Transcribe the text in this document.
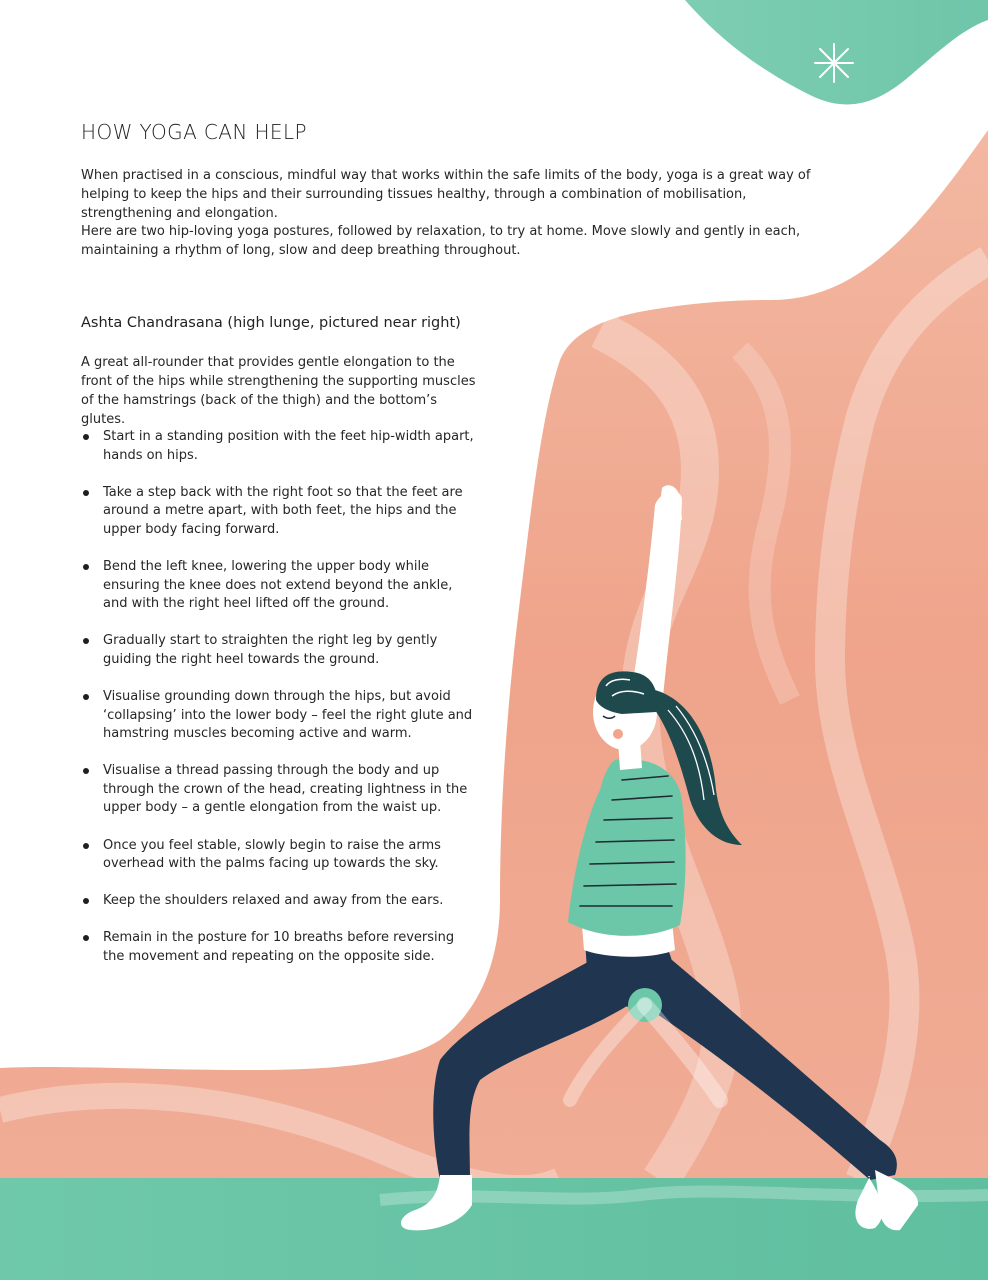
HOW YOGA CAN HELP

When practised in a conscious, mindful way that works within the safe limits of the body, yoga is a great way of helping to keep the hips and their surrounding tissues healthy, through a combination of mobilisation, strengthening and elongation.

Here are two hip-loving yoga postures, followed by relaxation, to try at home. Move slowly and gently in each, maintaining a rhythm of long, slow and deep breathing throughout.

Ashta Chandrasana (high lunge, pictured near right)

A great all-rounder that provides gentle elongation to the front of the hips while strengthening the supporting muscles of the hamstrings (back of the thigh) and the bottom’s glutes.

Start in a standing position with the feet hip-width apart, hands on hips.
Take a step back with the right foot so that the feet are around a metre apart, with both feet, the hips and the upper body facing forward.
Bend the left knee, lowering the upper body while ensuring the knee does not extend beyond the ankle, and with the right heel lifted off the ground.
Gradually start to straighten the right leg by gently guiding the right heel towards the ground.
Visualise grounding down through the hips, but avoid ‘collapsing’ into the lower body – feel the right glute and hamstring muscles becoming active and warm.
Visualise a thread passing through the body and up through the crown of the head, creating lightness in the upper body – a gentle elongation from the waist up.
Once you feel stable, slowly begin to raise the arms overhead with the palms facing up towards the sky.
Keep the shoulders relaxed and away from the ears.
Remain in the posture for 10 breaths before reversing the movement and repeating on the opposite side.
